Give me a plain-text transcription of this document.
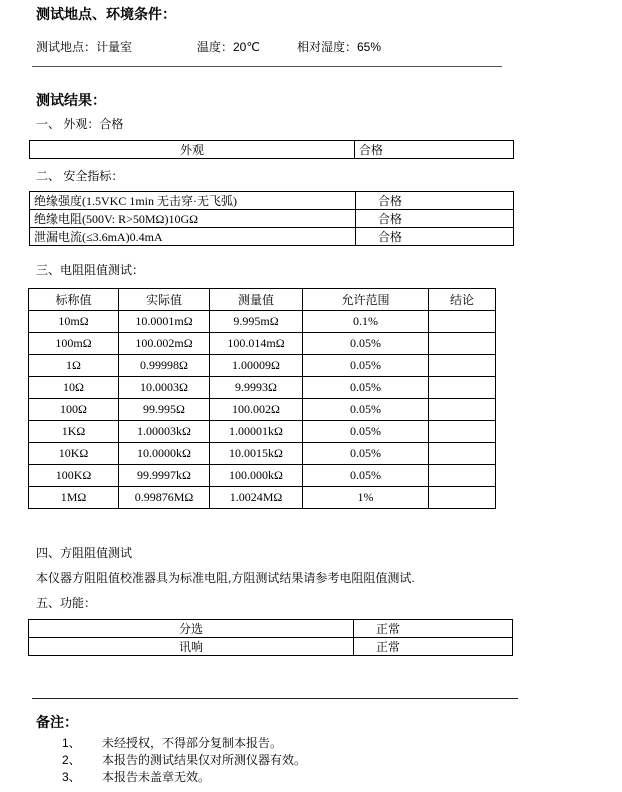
测试地点、环境条件：
测试地点：计量室	温度：20℃	相对湿度：65%
测试结果：
一、 外观：合格
外观	合格
二、 安全指标：
绝缘强度(1.5VKC 1min 无击穿·无飞弧)	合格
绝缘电阻(500V: R>50MΩ)10GΩ	合格
泄漏电流(≤3.6mA)0.4mA	合格
三、电阻阻值测试：
标称值	实际值	测量值	允许范围	结论
10mΩ	10.0001mΩ	9.995mΩ	0.1%	
100mΩ	100.002mΩ	100.014mΩ	0.05%	
1Ω	0.99998Ω	1.00009Ω	0.05%	
10Ω	10.0003Ω	9.9993Ω	0.05%	
100Ω	99.995Ω	100.002Ω	0.05%	
1KΩ	1.00003kΩ	1.00001kΩ	0.05%	
10KΩ	10.0000kΩ	10.0015kΩ	0.05%	
100KΩ	99.9997kΩ	100.000kΩ	0.05%	
1MΩ	0.99876MΩ	1.0024MΩ	1%	
四、方阻阻值测试
本仪器方阻阻值校准器具为标准电阻,方阻测试结果请参考电阻阻值测试.
五、功能：
分选	正常
讯响	正常
备注：
1、 未经授权，不得部分复制本报告。
2、 本报告的测试结果仅对所测仪器有效。
3、 本报告未盖章无效。
